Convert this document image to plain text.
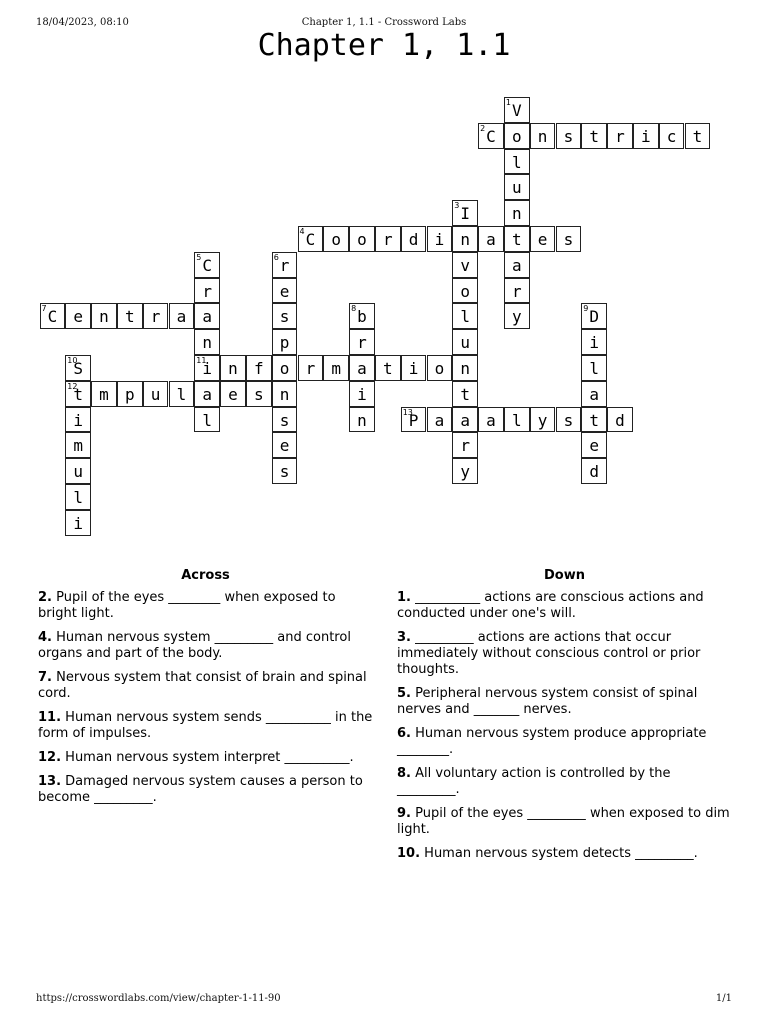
18/04/2023, 08:10	Chapter 1, 1.1 - Crossword Labs
Chapter 1, 1.1
1 V
o
l
u
n
t
a
r
y
2 C	n	s	t	r	i	c	t
3 I
n
v
o
l
u
n
t
a
r
y
4 C	o	o	r	d	i	a	e	s
5 C
r
a
n
11
i
a
l
6 r
e
s
p
o
n
s
e
s
7 C	e	n	t	r	a	8 b
r
a
i
n
9 D
i
l
a
t
e
d
10
S
12
t
i
m
u
l
i
n	f	r	m	t	i	o
m	p	u	l	e	s
13
P	a	a	l	y	s	d
Across
2. Pupil of the eyes ________ when exposed to bright light.
4. Human nervous system _________ and control organs and part of the body.
7. Nervous system that consist of brain and spinal cord.
11. Human nervous system sends __________ in the form of impulses.
12. Human nervous system interpret __________.
13. Damaged nervous system causes a person to become _________.
Down
1. __________ actions are conscious actions and conducted under one's will.
3. _________ actions are actions that occur immediately without conscious control or prior thoughts.
5. Peripheral nervous system consist of spinal nerves and _______ nerves.
6. Human nervous system produce appropriate ________.
8. All voluntary action is controlled by the _________.
9. Pupil of the eyes _________ when exposed to dim light.
10. Human nervous system detects _________.
https://crosswordlabs.com/view/chapter-1-11-90	1/1
